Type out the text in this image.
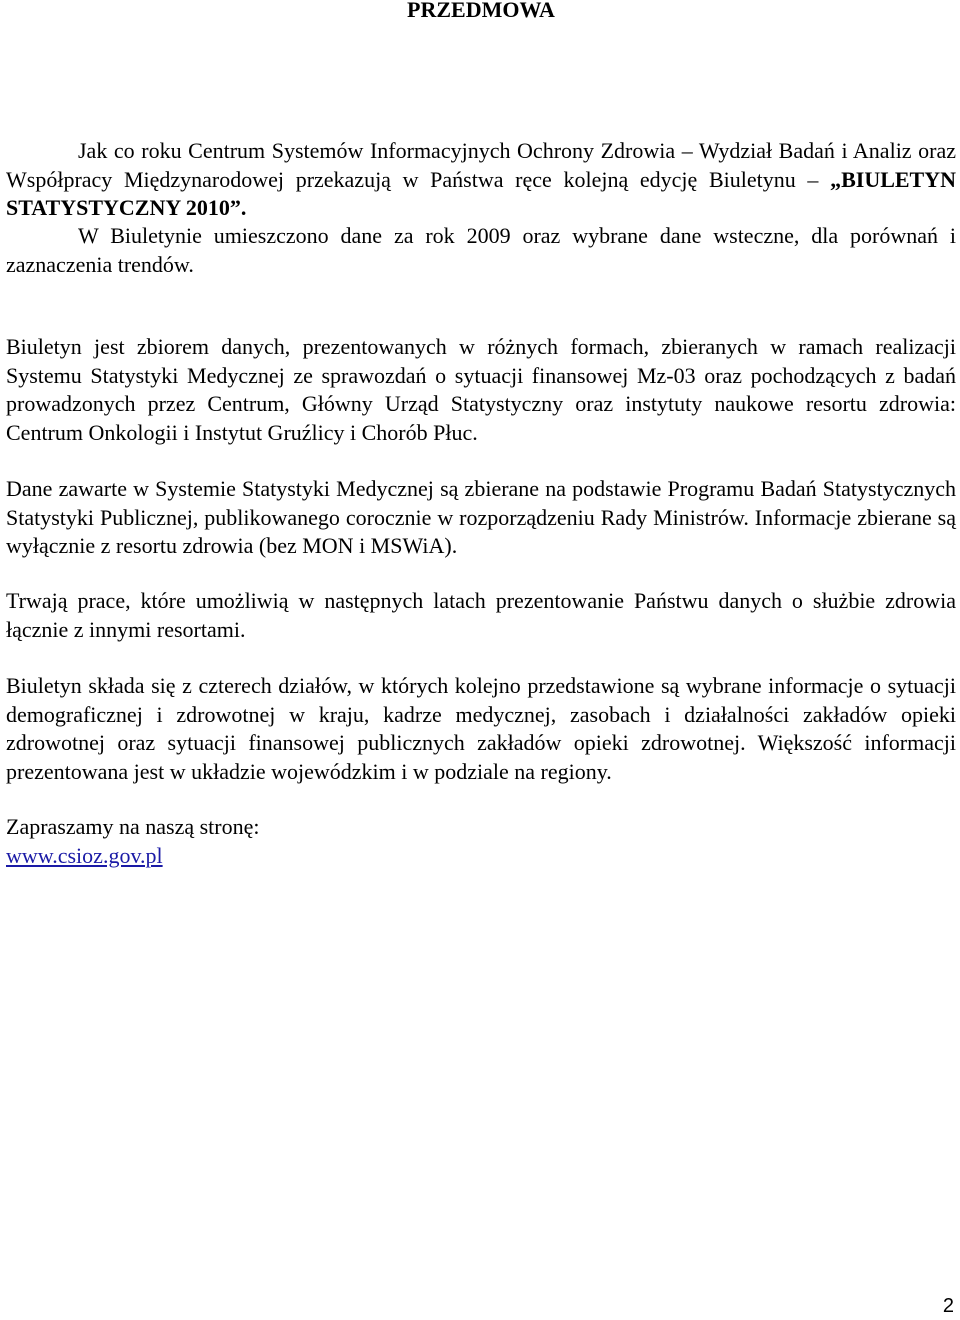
PRZEDMOWA

Jak co roku Centrum Systemów Informacyjnych Ochrony Zdrowia – Wydział Badań i Analiz oraz Współpracy Międzynarodowej przekazują w Państwa ręce kolejną edycję Biuletynu – „BIULETYN STATYSTYCZNY 2010”.

W Biuletynie umieszczono dane za rok 2009 oraz wybrane dane wsteczne, dla porównań i zaznaczenia trendów.

Biuletyn jest zbiorem danych, prezentowanych w różnych formach, zbieranych w ramach realizacji Systemu Statystyki Medycznej ze sprawozdań o sytuacji finansowej Mz-03 oraz pochodzących z badań prowadzonych przez Centrum, Główny Urząd Statystyczny oraz instytuty naukowe resortu zdrowia: Centrum Onkologii i Instytut Gruźlicy i Chorób Płuc.

Dane zawarte w Systemie Statystyki Medycznej są zbierane na podstawie Programu Badań Statystycznych Statystyki Publicznej, publikowanego corocznie w rozporządzeniu Rady Ministrów. Informacje zbierane są wyłącznie z resortu zdrowia (bez MON i MSWiA).

Trwają prace, które umożliwią w następnych latach prezentowanie Państwu danych o służbie zdrowia łącznie z innymi resortami.

Biuletyn składa się z czterech działów, w których kolejno przedstawione są wybrane informacje o sytuacji demograficznej i zdrowotnej w kraju, kadrze medycznej, zasobach i działalności zakładów opieki zdrowotnej oraz sytuacji finansowej publicznych zakładów opieki zdrowotnej. Większość informacji prezentowana jest w układzie wojewódzkim i w podziale na regiony.

Zapraszamy na naszą stronę:
www.csioz.gov.pl

2
